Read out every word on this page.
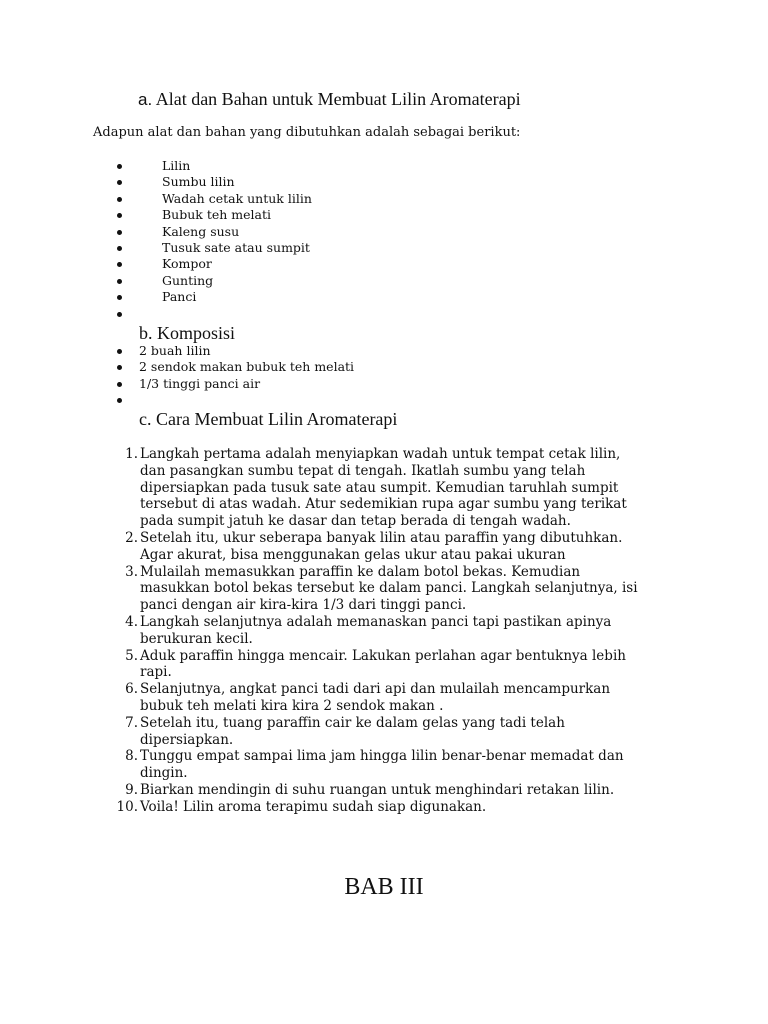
a. Alat dan Bahan untuk Membuat Lilin Aromaterapi
Adapun alat dan bahan yang dibutuhkan adalah sebagai berikut:
Lilin
Sumbu lilin
Wadah cetak untuk lilin
Bubuk teh melati
Kaleng susu
Tusuk sate atau sumpit
Kompor
Gunting
Panci
b. Komposisi
2 buah lilin
2 sendok makan bubuk teh melati
1/3 tinggi panci air
c. Cara Membuat Lilin Aromaterapi
1. Langkah pertama adalah menyiapkan wadah untuk tempat cetak lilin,
dan pasangkan sumbu tepat di tengah. Ikatlah sumbu yang telah
dipersiapkan pada tusuk sate atau sumpit. Kemudian taruhlah sumpit
tersebut di atas wadah. Atur sedemikian rupa agar sumbu yang terikat
pada sumpit jatuh ke dasar dan tetap berada di tengah wadah.
2. Setelah itu, ukur seberapa banyak lilin atau paraffin yang dibutuhkan.
Agar akurat, bisa menggunakan gelas ukur atau pakai ukuran
3. Mulailah memasukkan paraffin ke dalam botol bekas. Kemudian
masukkan botol bekas tersebut ke dalam panci. Langkah selanjutnya, isi
panci dengan air kira-kira 1/3 dari tinggi panci.
4. Langkah selanjutnya adalah memanaskan panci tapi pastikan apinya
berukuran kecil.
5. Aduk paraffin hingga mencair. Lakukan perlahan agar bentuknya lebih
rapi.
6. Selanjutnya, angkat panci tadi dari api dan mulailah mencampurkan
bubuk teh melati kira kira 2 sendok makan .
7. Setelah itu, tuang paraffin cair ke dalam gelas yang tadi telah
dipersiapkan.
8. Tunggu empat sampai lima jam hingga lilin benar-benar memadat dan
dingin.
9. Biarkan mendingin di suhu ruangan untuk menghindari retakan lilin.
10. Voila! Lilin aroma terapimu sudah siap digunakan.
BAB III
